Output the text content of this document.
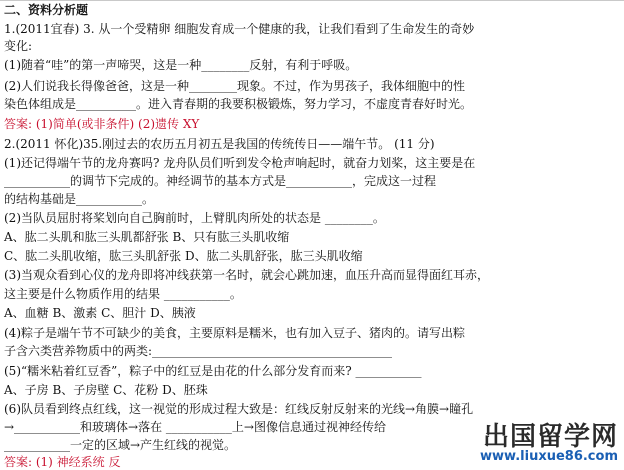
二、资料分析题
1.(2011宜春) 3. 从一个受精卵 细胞发育成一个健康的我，让我们看到了生命发生的奇妙
变化:
(1)随着“哇”的第一声啼哭，这是一种________反射，有利于呼吸。
(2)人们说我长得像爸爸，这是一种________现象。不过，作为男孩子，我体细胞中的性
染色体组成是__________。进入青春期的我要积极锻炼，努力学习，不虚度青春好时光。
答案: (1)简单(或非条件) (2)遗传 XY
2.(2011 怀化)35.刚过去的农历五月初五是我国的传统传日——端午节。 (11 分)
(1)还记得端午节的龙舟赛吗? 龙舟队员们听到发令枪声响起时，就奋力划桨，这主要是在
___________的调节下完成的。神经调节的基本方式是___________，完成这一过程
的结构基础是___________。
(2)当队员屈肘将桨划向自己胸前时，上臂肌肉所处的状态是 ________。
A、肱二头肌和肱三头肌都舒张 B、只有肱三头肌收缩
C、肱二头肌收缩，肱三头肌舒张 D、肱二头肌舒张，肱三头肌收缩
(3)当观众看到心仪的龙舟即将冲线获第一名时，就会心跳加速，血压升高而显得面红耳赤，
这主要是什么物质作用的结果 ___________。
A、血糖 B、激素 C、胆汁 D、胰液
(4)粽子是端午节不可缺少的美食，主要原料是糯米，也有加入豆子、猪肉的。请写出粽
子含六类营养物质中的两类:________________________________________
(5)“糯米粘着红豆香”，粽子中的红豆是由花的什么部分发育而来? ___________
A、子房 B、子房壁 C、花粉 D、胚珠
(6)队员看到终点红线，这一视觉的形成过程大致是：红线反射反射来的光线→角膜→瞳孔
→___________和玻璃体→落在 ___________上→图像信息通过视神经传给
___________一定的区域→产生红线的视觉。
答案: (1) 神经系统 反
出国留学网
www.liuxue86.com
